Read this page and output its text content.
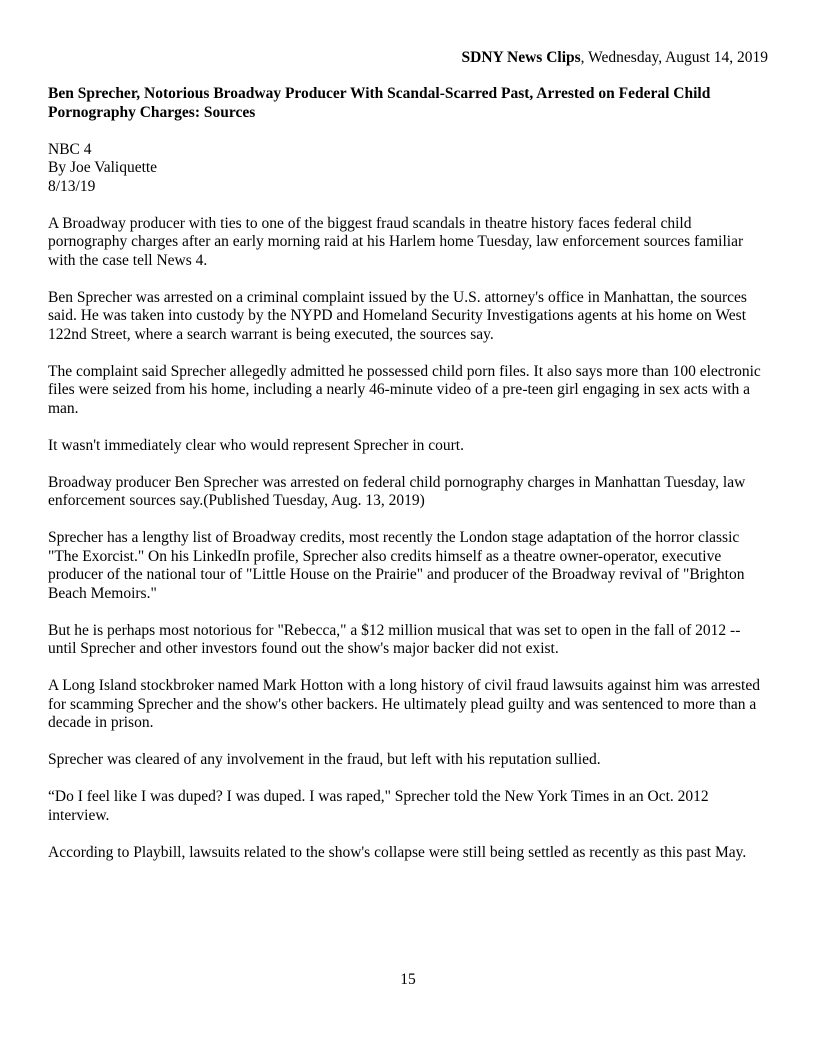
SDNY News Clips, Wednesday, August 14, 2019
Ben Sprecher, Notorious Broadway Producer With Scandal-Scarred Past, Arrested on Federal Child Pornography Charges: Sources
NBC 4
By Joe Valiquette
8/13/19
A Broadway producer with ties to one of the biggest fraud scandals in theatre history faces federal child pornography charges after an early morning raid at his Harlem home Tuesday, law enforcement sources familiar with the case tell News 4.
Ben Sprecher was arrested on a criminal complaint issued by the U.S. attorney's office in Manhattan, the sources said. He was taken into custody by the NYPD and Homeland Security Investigations agents at his home on West 122nd Street, where a search warrant is being executed, the sources say.
The complaint said Sprecher allegedly admitted he possessed child porn files. It also says more than 100 electronic files were seized from his home, including a nearly 46-minute video of a pre-teen girl engaging in sex acts with a man.
It wasn't immediately clear who would represent Sprecher in court.
Broadway producer Ben Sprecher was arrested on federal child pornography charges in Manhattan Tuesday, law enforcement sources say.(Published Tuesday, Aug. 13, 2019)
Sprecher has a lengthy list of Broadway credits, most recently the London stage adaptation of the horror classic "The Exorcist." On his LinkedIn profile, Sprecher also credits himself as a theatre owner-operator, executive producer of the national tour of "Little House on the Prairie" and producer of the Broadway revival of "Brighton Beach Memoirs."
But he is perhaps most notorious for "Rebecca," a $12 million musical that was set to open in the fall of 2012 -- until Sprecher and other investors found out the show's major backer did not exist.
A Long Island stockbroker named Mark Hotton with a long history of civil fraud lawsuits against him was arrested for scamming Sprecher and the show's other backers. He ultimately plead guilty and was sentenced to more than a decade in prison.
Sprecher was cleared of any involvement in the fraud, but left with his reputation sullied.
“Do I feel like I was duped? I was duped. I was raped," Sprecher told the New York Times in an Oct. 2012 interview.
According to Playbill, lawsuits related to the show's collapse were still being settled as recently as this past May.
15
